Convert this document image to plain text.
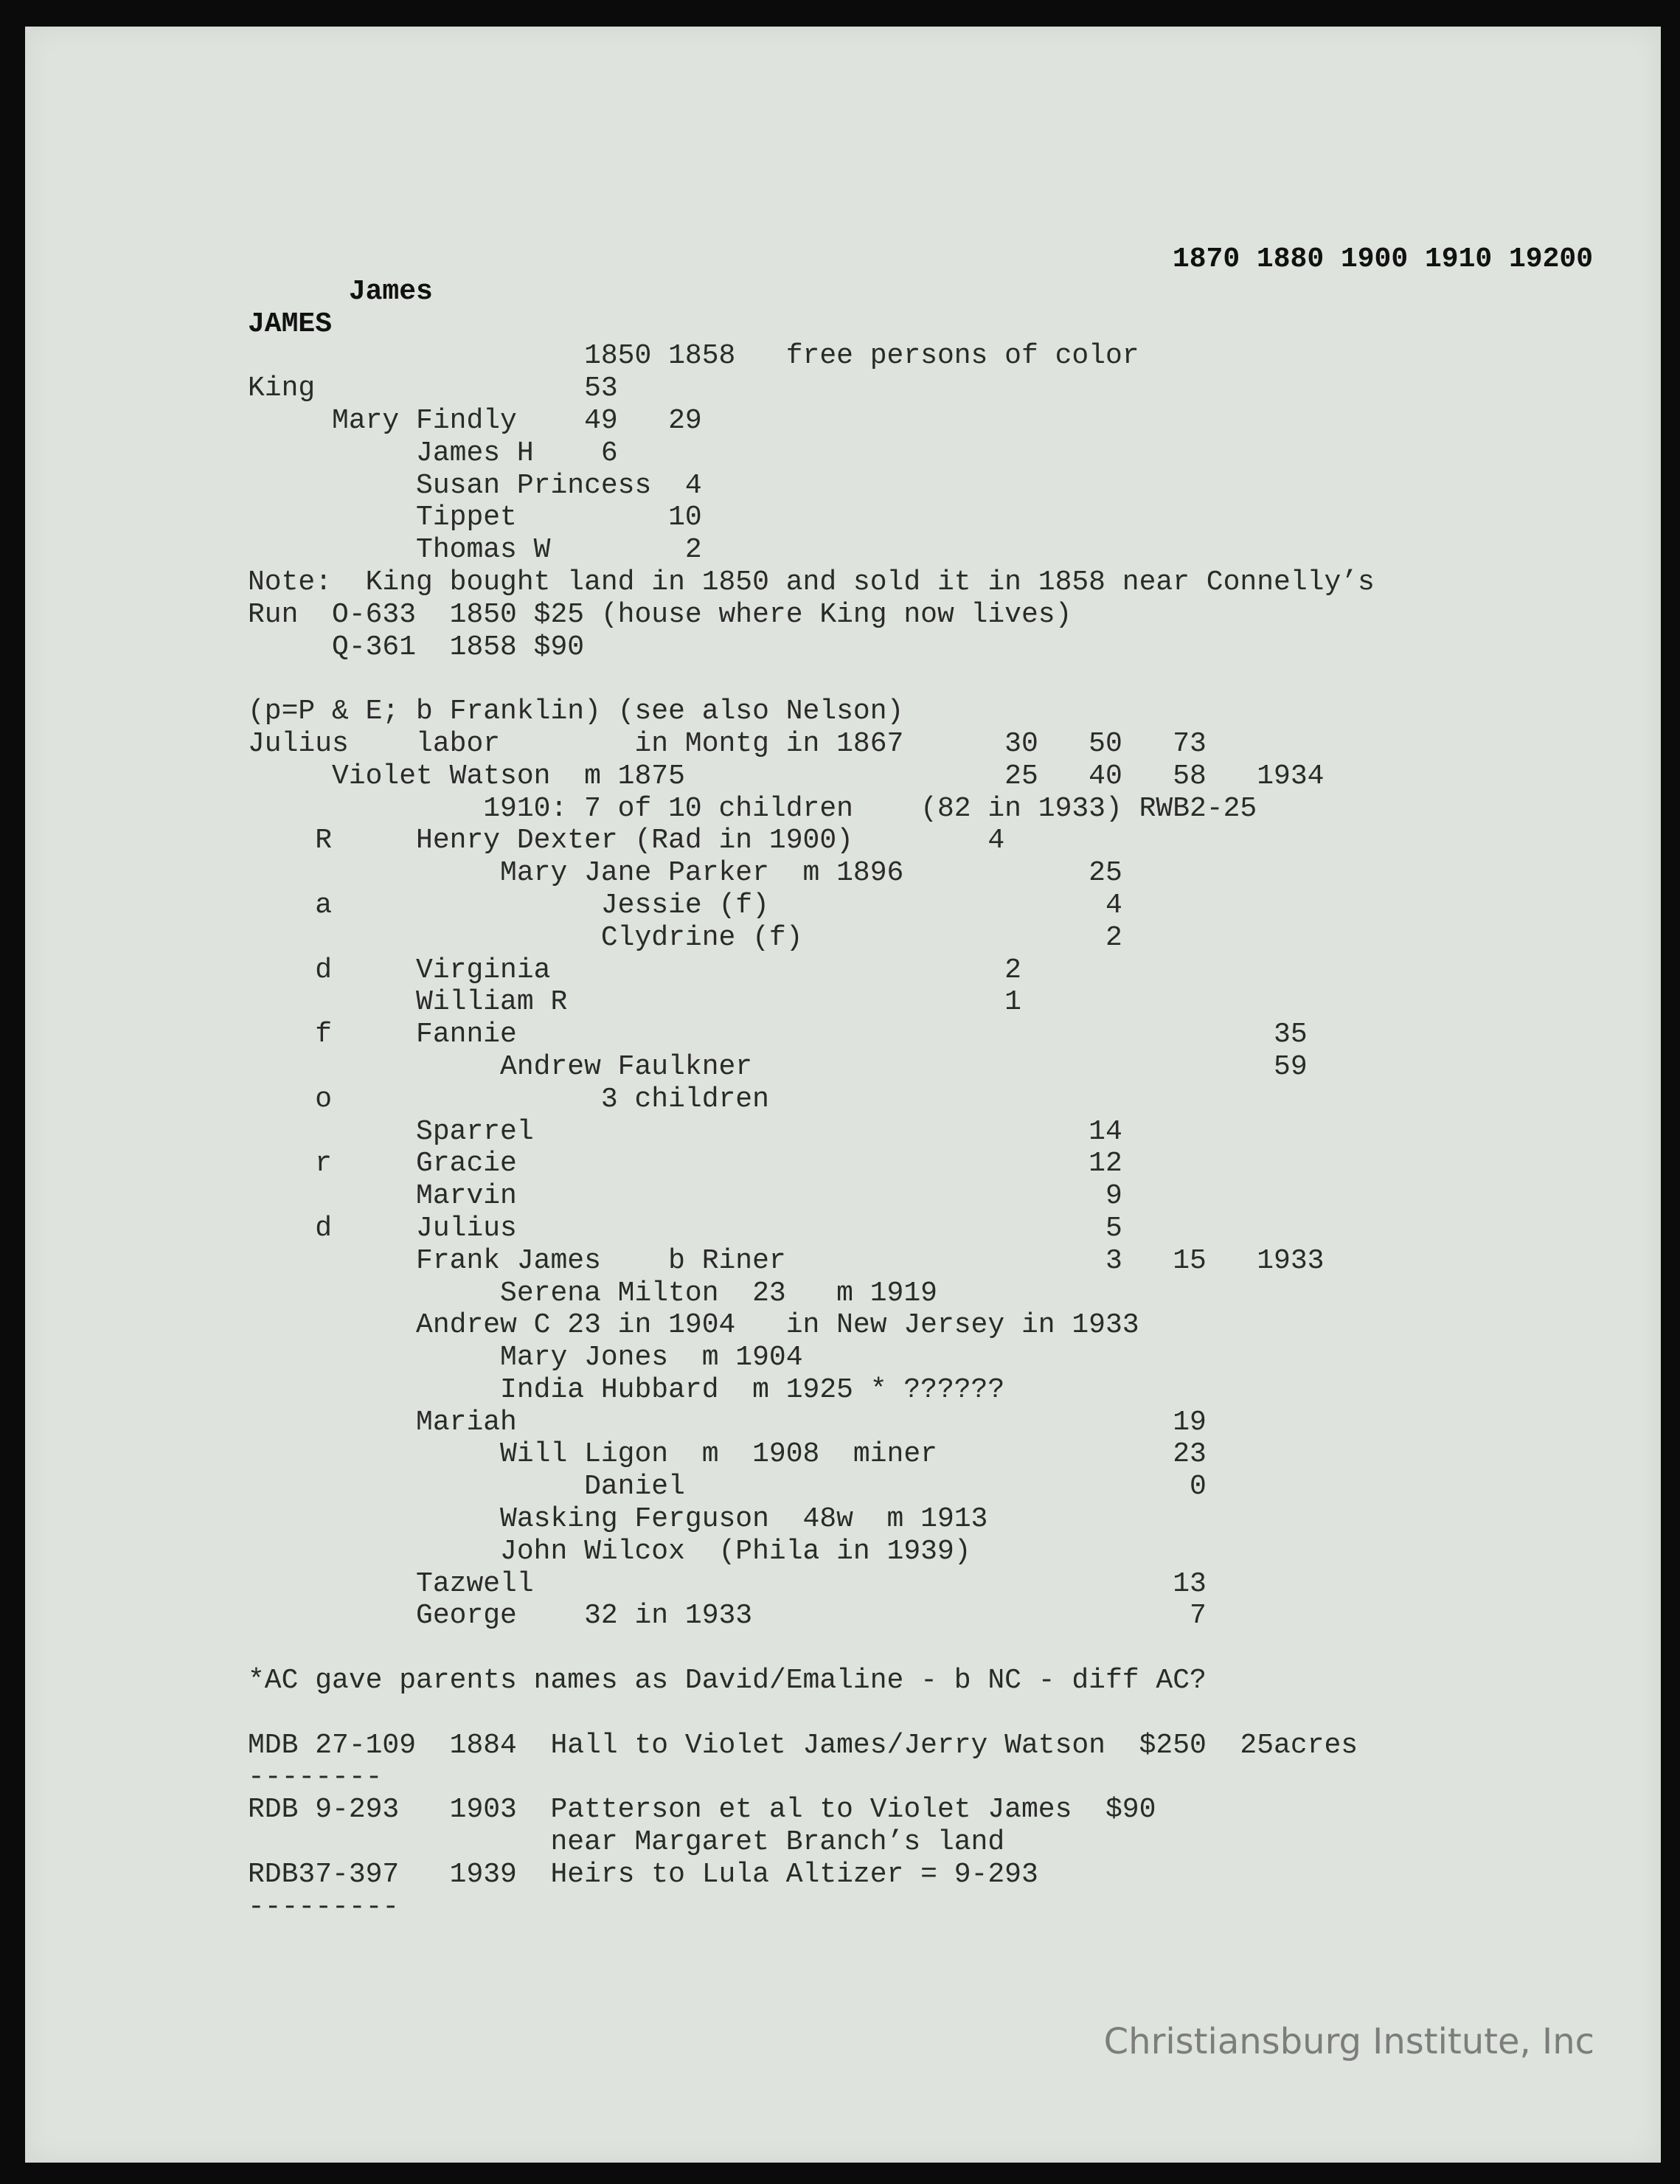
James

1870 1880 1900 1910 19200

JAMES
1850 1858   free persons of color
King                53
Mary Findly    49   29
James H    6
Susan Princess  4
Tippet         10
Thomas W        2
Note:  King bought land in 1850 and sold it in 1858 near Connelly’s
Run  O-633  1850 $25 (house where King now lives)
Q-361  1858 $90
(p=P & E; b Franklin) (see also Nelson)
Julius    labor        in Montg in 1867      30   50   73
Violet Watson  m 1875                   25   40   58   1934
1910: 7 of 10 children    (82 in 1933) RWB2-25
R     Henry Dexter (Rad in 1900)        4
Mary Jane Parker  m 1896           25
a                Jessie (f)                    4
Clydrine (f)                  2
d     Virginia                           2
William R                          1
f     Fannie                                             35
Andrew Faulkner                               59
o                3 children
Sparrel                                 14
r     Gracie                                  12
Marvin                                   9
d     Julius                                   5
Frank James    b Riner                   3   15   1933
Serena Milton  23   m 1919
Andrew C 23 in 1904   in New Jersey in 1933
Mary Jones  m 1904
India Hubbard  m 1925 * ??????
Mariah                                       19
Will Ligon  m  1908  miner              23
Daniel                              0
Wasking Ferguson  48w  m 1913
John Wilcox  (Phila in 1939)
Tazwell                                      13
George    32 in 1933                          7
*AC gave parents names as David/Emaline - b NC - diff AC?
MDB 27-109  1884  Hall to Violet James/Jerry Watson  $250  25acres
--------
RDB 9-293   1903  Patterson et al to Violet James  $90
near Margaret Branch’s land
RDB37-397   1939  Heirs to Lula Altizer = 9-293
---------
Christiansburg Institute, Inc
